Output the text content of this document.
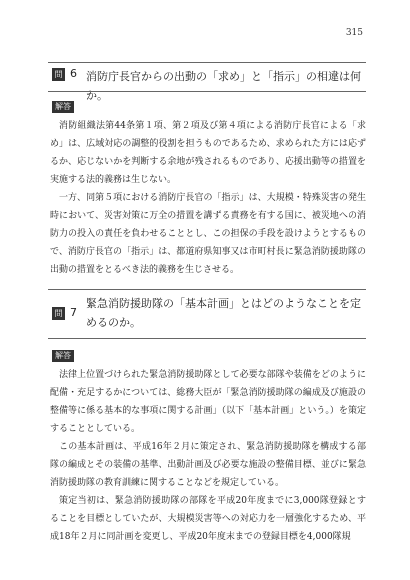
315
問 6 消防庁長官からの出動の「求め」と「指示」の相違は何か。
解答

消防組織法第44条第１項、第２項及び第４項による消防庁長官による「求め」は、広域対応の調整的役割を担うものであるため、求められた方には応ずるか、応じないかを判断する余地が残されるものであり、応援出動等の措置を実施する法的義務は生じない。

一方、同第５項における消防庁長官の「指示」は、大規模・特殊災害の発生時において、災害対策に万全の措置を講ずる責務を有する国に、被災地への消防力の投入の責任を負わせることとし、この担保の手段を設けようとするもので、消防庁長官の「指示」は、都道府県知事又は市町村長に緊急消防援助隊の出動の措置をとるべき法的義務を生じさせる。

問 7
緊急消防援助隊の「基本計画」とはどのようなことを定めるのか。
解答

法律上位置づけられた緊急消防援助隊として必要な部隊や装備をどのように配備・充足するかについては、総務大臣が「緊急消防援助隊の編成及び施設の整備等に係る基本的な事項に関する計画」（以下「基本計画」という。）を策定することとしている。

この基本計画は、平成16年２月に策定され、緊急消防援助隊を構成する部隊の編成とその装備の基準、出動計画及び必要な施設の整備目標、並びに緊急消防援助隊の教育訓練に関することなどを規定している。

策定当初は、緊急消防援助隊の部隊を平成20年度までに3,000隊登録とすることを目標としていたが、大規模災害等への対応力を一層強化するため、平成18年２月に同計画を変更し、平成20年度末までの登録目標を4,000隊規
